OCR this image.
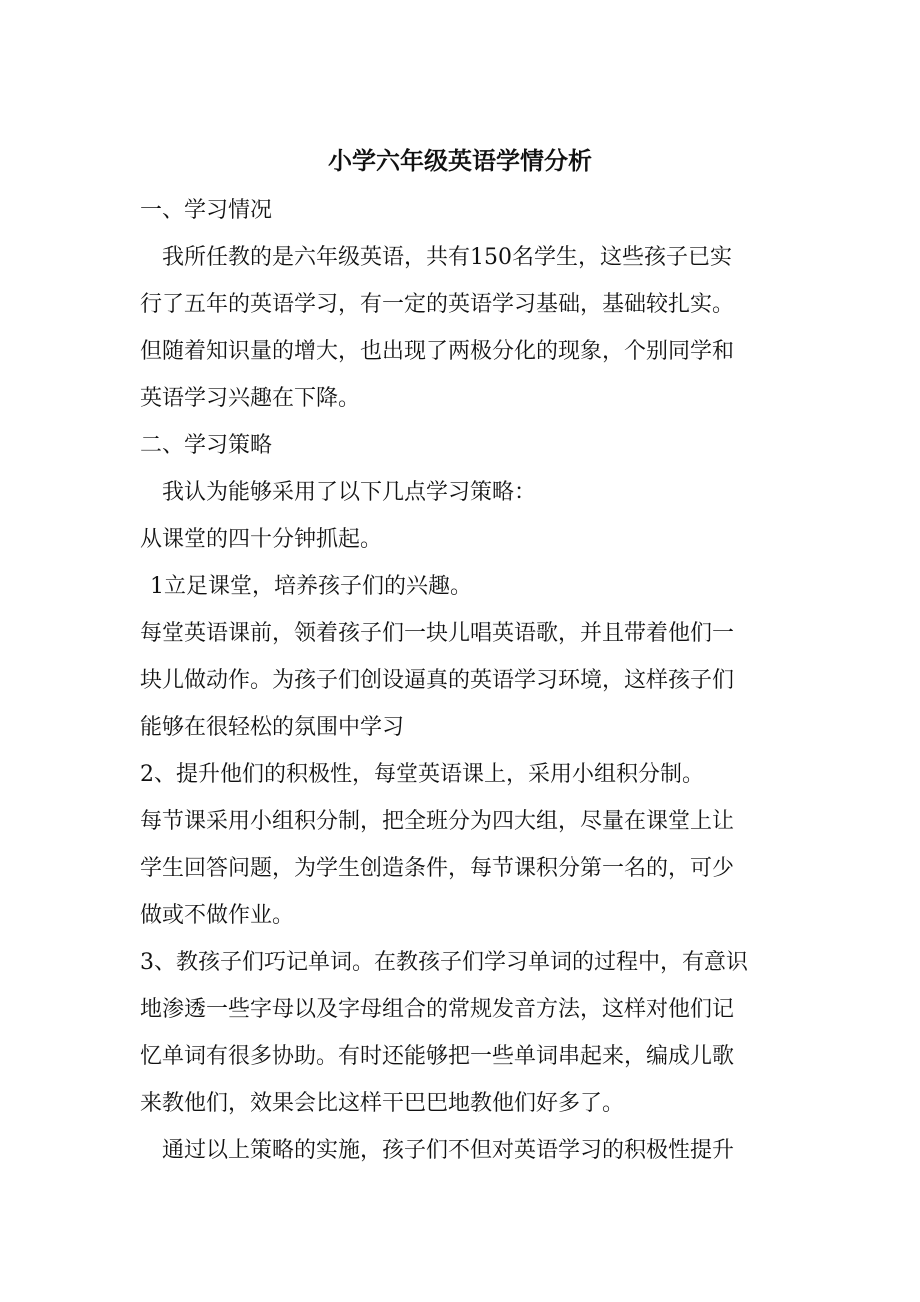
小学六年级英语学情分析
一、学习情况
我所任教的是六年级英语，共有150名学生，这些孩子已实
行了五年的英语学习，有一定的英语学习基础，基础较扎实。
但随着知识量的增大，也出现了两极分化的现象，个别同学和
英语学习兴趣在下降。
二、学习策略
我认为能够采用了以下几点学习策略：
从课堂的四十分钟抓起。
1立足课堂，培养孩子们的兴趣。
每堂英语课前，领着孩子们一块儿唱英语歌，并且带着他们一
块儿做动作。为孩子们创设逼真的英语学习环境，这样孩子们
能够在很轻松的氛围中学习
2、提升他们的积极性，每堂英语课上，采用小组积分制。
每节课采用小组积分制，把全班分为四大组，尽量在课堂上让
学生回答问题，为学生创造条件，每节课积分第一名的，可少
做或不做作业。
3、教孩子们巧记单词。在教孩子们学习单词的过程中，有意识
地渗透一些字母以及字母组合的常规发音方法，这样对他们记
忆单词有很多协助。有时还能够把一些单词串起来，编成儿歌
来教他们，效果会比这样干巴巴地教他们好多了。
通过以上策略的实施，孩子们不但对英语学习的积极性提升
